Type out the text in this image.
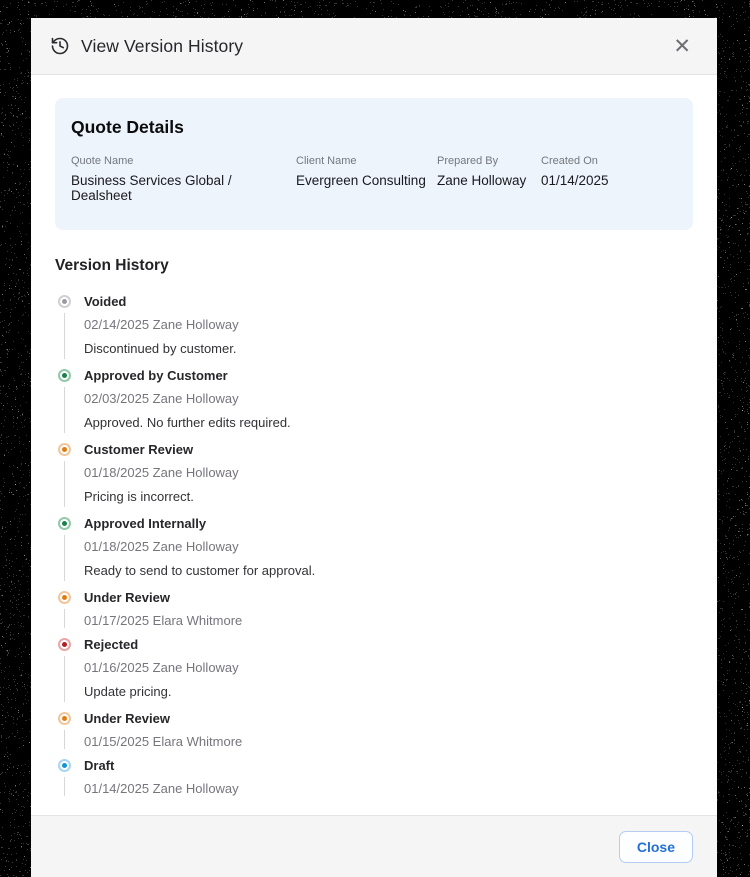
View Version History	✕
Quote Details
Quote Name
Business Services Global / Dealsheet
Client Name
Evergreen Consulting
Prepared By
Zane Holloway
Created On
01/14/2025
Version History
Voided
02/14/2025 Zane Holloway
Discontinued by customer.
Approved by Customer
02/03/2025 Zane Holloway
Approved. No further edits required.
Customer Review
01/18/2025 Zane Holloway
Pricing is incorrect.
Approved Internally
01/18/2025 Zane Holloway
Ready to send to customer for approval.
Under Review
01/17/2025 Elara Whitmore
Rejected
01/16/2025 Zane Holloway
Update pricing.
Under Review
01/15/2025 Elara Whitmore
Draft
01/14/2025 Zane Holloway
Close
